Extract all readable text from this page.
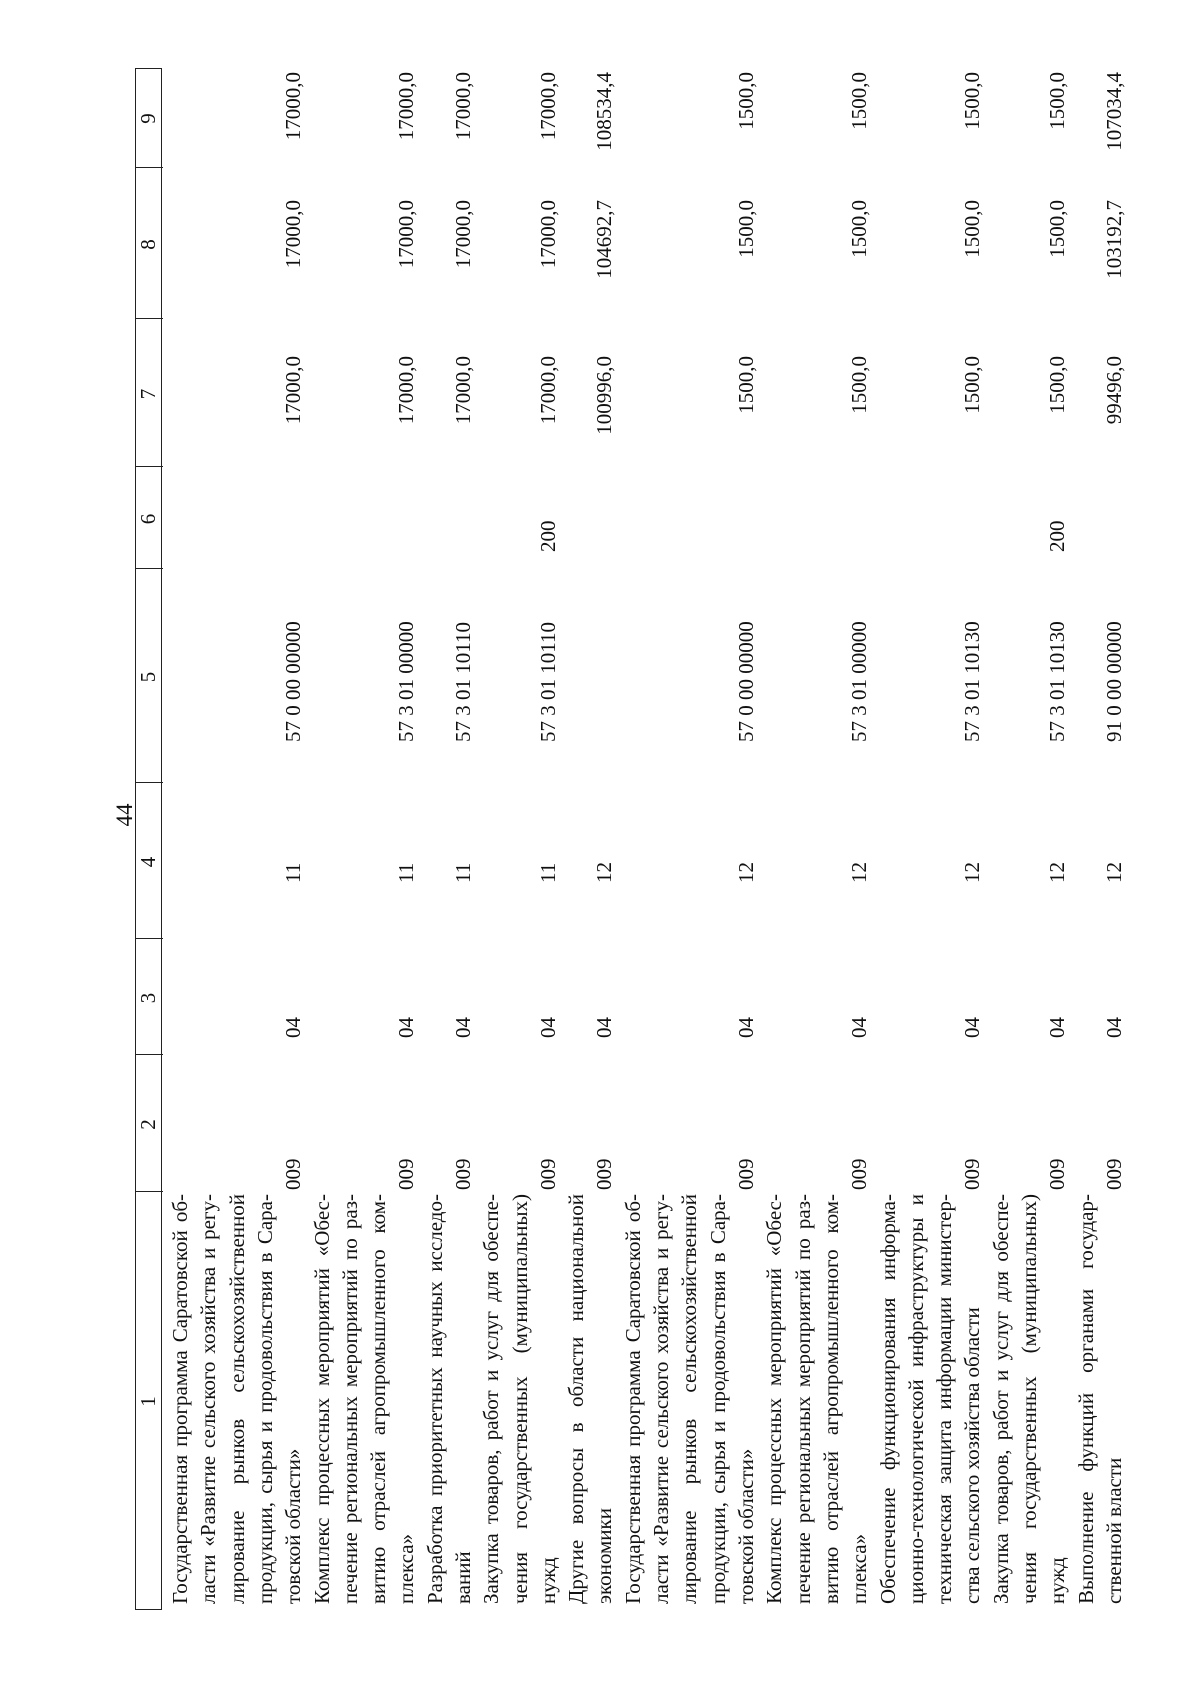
44
1
2
3
4
5
6
7
8
9
Государственная программа Саратовской об- ласти «Развитие сельского хозяйства и регу- лирование рынков сельскохозяйственной продукции, сырья и продовольствия в Сара- товской области»
009
04
11
57 0 00 00000
17000,0
17000,0
17000,0
Комплекс процессных мероприятий «Обес- печение региональных мероприятий по раз- витию отраслей агропромышленного ком- плекса»
009
04
11
57 3 01 00000
17000,0
17000,0
17000,0
Разработка приоритетных научных исследо- ваний
009
04
11
57 3 01 10110
17000,0
17000,0
17000,0
Закупка товаров, работ и услуг для обеспе- чения государственных (муниципальных) нужд
009
04
11
57 3 01 10110
200
17000,0
17000,0
17000,0
Другие вопросы в области национальной экономики
009
04
12
100996,0
104692,7
108534,4
Государственная программа Саратовской об- ласти «Развитие сельского хозяйства и регу- лирование рынков сельскохозяйственной продукции, сырья и продовольствия в Сара- товской области»
009
04
12
57 0 00 00000
1500,0
1500,0
1500,0
Комплекс процессных мероприятий «Обес- печение региональных мероприятий по раз- витию отраслей агропромышленного ком- плекса»
009
04
12
57 3 01 00000
1500,0
1500,0
1500,0
Обеспечение функционирования информа- ционно-технологической инфраструктуры и техническая защита информации министер- ства сельского хозяйства области
009
04
12
57 3 01 10130
1500,0
1500,0
1500,0
Закупка товаров, работ и услуг для обеспе- чения государственных (муниципальных) нужд
009
04
12
57 3 01 10130
200
1500,0
1500,0
1500,0
Выполнение функций органами государ- ственной власти
009
04
12
91 0 00 00000
99496,0
103192,7
107034,4
